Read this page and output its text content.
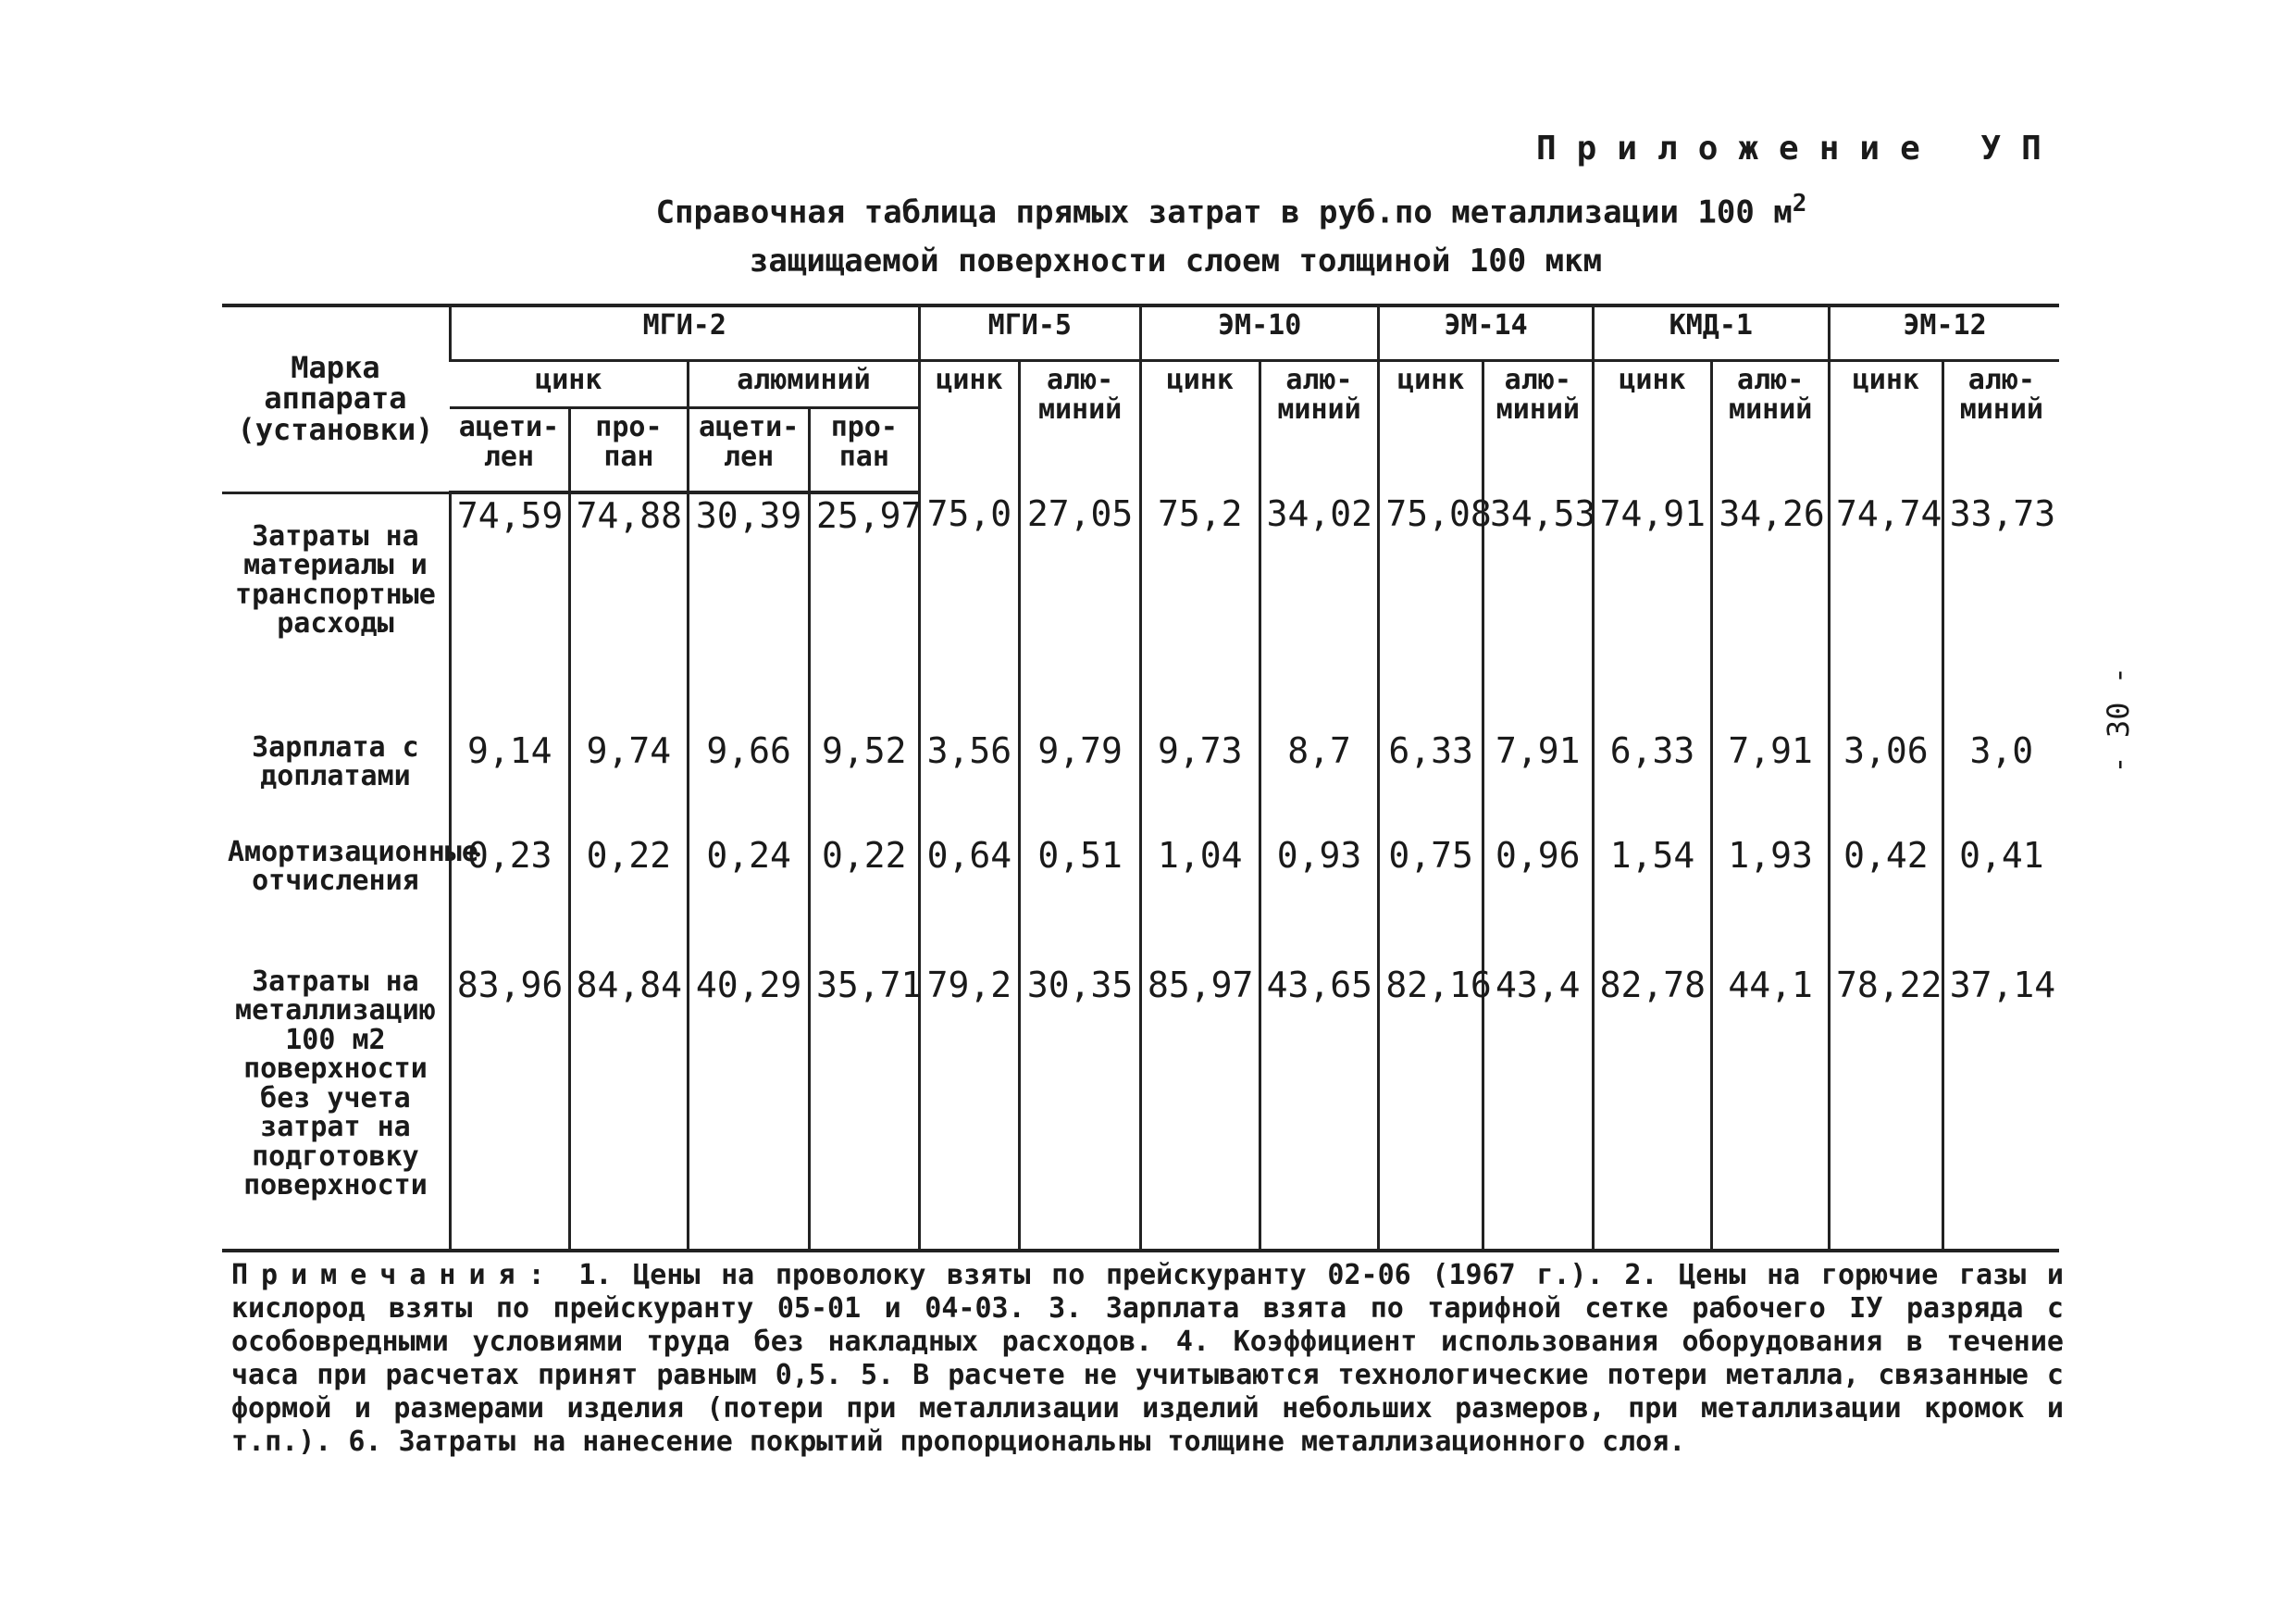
Приложение УП
Справочная таблица прямых затрат в руб.по металлизации 100 $м^2$
защищаемой поверхности слоем толщиной 100 мкм
- 30 -
Марка аппарата (установки)	МГИ-2				МГИ-5		ЭМ-10		ЭМ-14		КМД-1		ЭМ-12	
	цинк		алюминий		цинк	алю- миний	цинк	алю- миний	цинк	алю- миний	цинк	алю- миний	цинк	алю- миний
	ацети- лен	про- пан	ацети- лен	про- пан										
Затраты на материалы и транспортные расходы	74,59	74,88	30,39	25,97	75,0	27,05	75,2	34,02	75,08	34,53	74,91	34,26	74,74	33,73
Зарплата с доплатами	9,14	9,74	9,66	9,52	3,56	9,79	9,73	8,7	6,33	7,91	6,33	7,91	3,06	3,0
Амортизационные отчисления	0,23	0,22	0,24	0,22	0,64	0,51	1,04	0,93	0,75	0,96	1,54	1,93	0,42	0,41
Затраты на металлизацию 100 м2 поверхности без учета затрат на подготовку поверхности	83,96	84,84	40,29	35,71	79,2	30,35	85,97	43,65	82,16	43,4	82,78	44,1	78,22	37,14
Примечания: 1. Цены на проволоку взяты по прейскуранту 02-06 (1967 г.). 2. Цены на горючие газы и кислород взяты по прейскуранту 05-01 и 04-03. 3. Зарплата взята по тарифной сетке рабочего IУ разряда с особовредными условиями труда без накладных расходов. 4. Коэффициент использования оборудования в течение часа при расчетах принят равным 0,5. 5. В расчете не учитываются технологические потери металла, связанные с формой и размерами изделия (потери при металлизации изделий небольших размеров, при металлизации кромок и т.п.). 6. Затраты на нанесение покрытий пропорциональны толщине металлизационного слоя.
